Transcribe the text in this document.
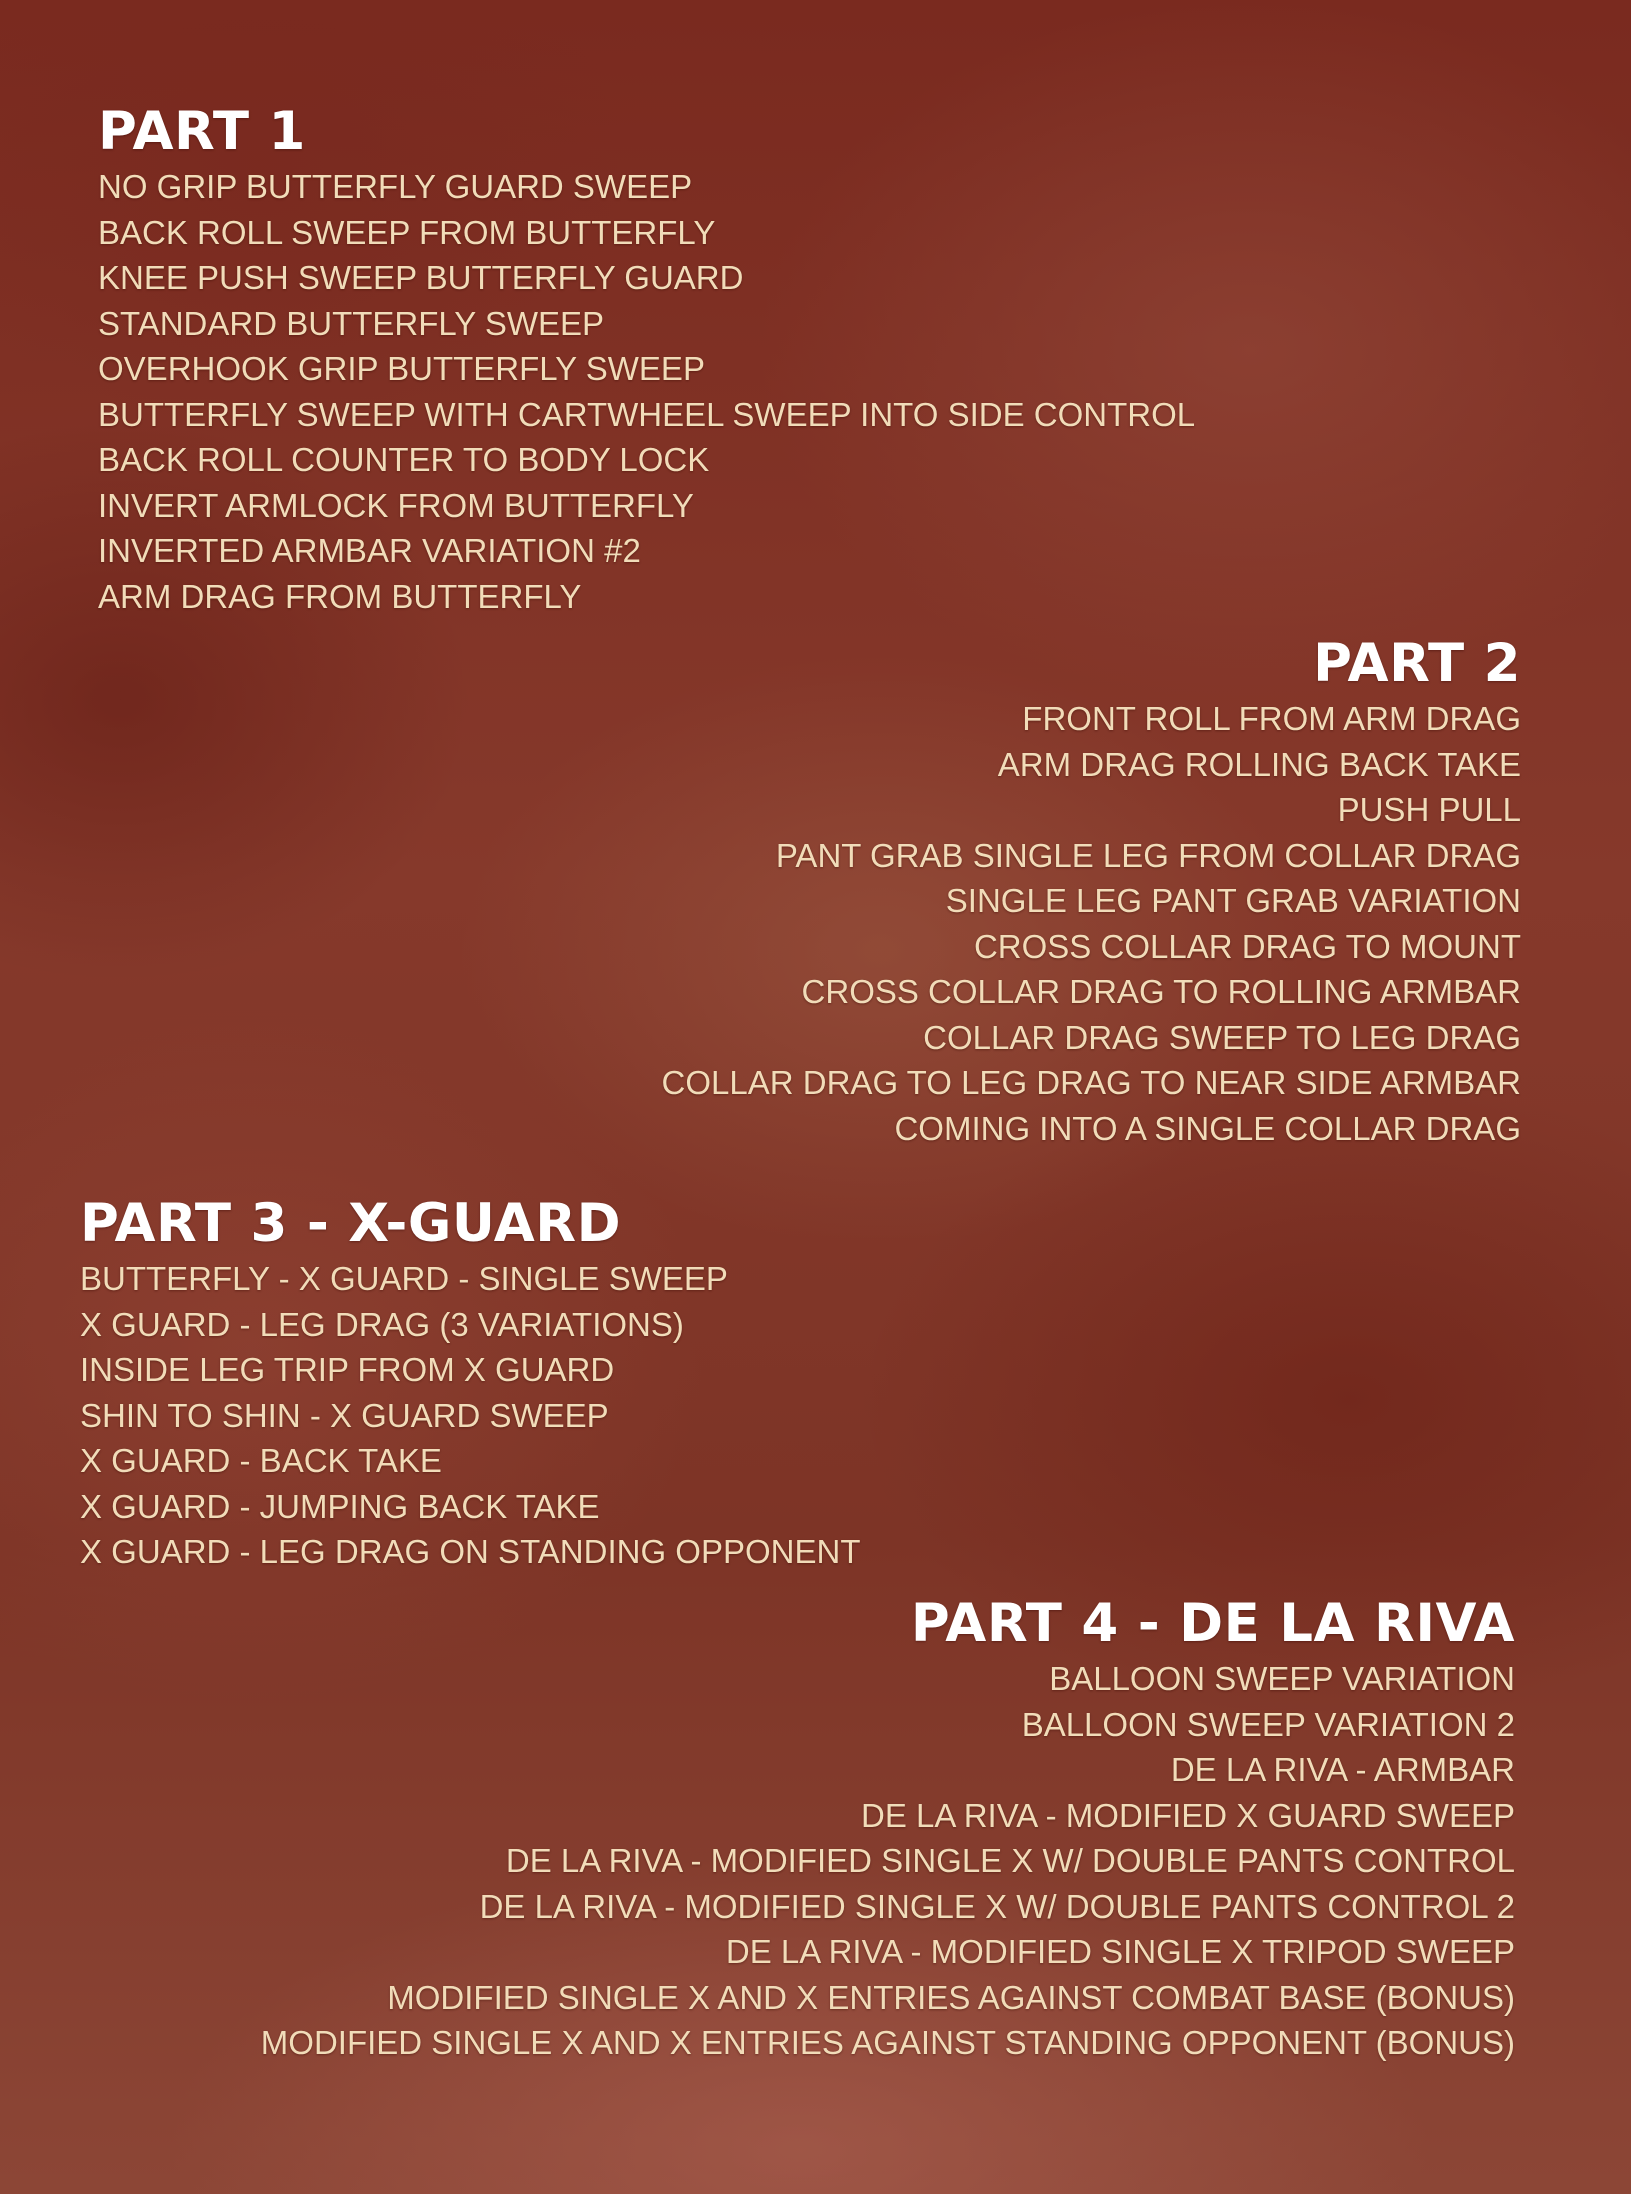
PART 1
NO GRIP BUTTERFLY GUARD SWEEP
BACK ROLL SWEEP FROM BUTTERFLY
KNEE PUSH SWEEP BUTTERFLY GUARD
STANDARD BUTTERFLY SWEEP
OVERHOOK GRIP BUTTERFLY SWEEP
BUTTERFLY SWEEP WITH CARTWHEEL SWEEP INTO SIDE CONTROL
BACK ROLL COUNTER TO BODY LOCK
INVERT ARMLOCK FROM BUTTERFLY
INVERTED ARMBAR VARIATION #2
ARM DRAG FROM BUTTERFLY
PART 2
FRONT ROLL FROM ARM DRAG
ARM DRAG ROLLING BACK TAKE
PUSH PULL
PANT GRAB SINGLE LEG FROM COLLAR DRAG
SINGLE LEG PANT GRAB VARIATION
CROSS COLLAR DRAG TO MOUNT
CROSS COLLAR DRAG TO ROLLING ARMBAR
COLLAR DRAG SWEEP TO LEG DRAG
COLLAR DRAG TO LEG DRAG TO NEAR SIDE ARMBAR
COMING INTO A SINGLE COLLAR DRAG
PART 3 - X-GUARD
BUTTERFLY - X GUARD - SINGLE SWEEP
X GUARD - LEG DRAG (3 VARIATIONS)
INSIDE LEG TRIP FROM X GUARD
SHIN TO SHIN - X GUARD SWEEP
X GUARD - BACK TAKE
X GUARD - JUMPING BACK TAKE
X GUARD - LEG DRAG ON STANDING OPPONENT
PART 4 - DE LA RIVA
BALLOON SWEEP VARIATION
BALLOON SWEEP VARIATION 2
DE LA RIVA - ARMBAR
DE LA RIVA - MODIFIED X GUARD SWEEP
DE LA RIVA - MODIFIED SINGLE X W/ DOUBLE PANTS CONTROL
DE LA RIVA - MODIFIED SINGLE X W/ DOUBLE PANTS CONTROL 2
DE LA RIVA - MODIFIED SINGLE X TRIPOD SWEEP
MODIFIED SINGLE X AND X ENTRIES AGAINST COMBAT BASE (BONUS)
MODIFIED SINGLE X AND X ENTRIES AGAINST STANDING OPPONENT (BONUS)
